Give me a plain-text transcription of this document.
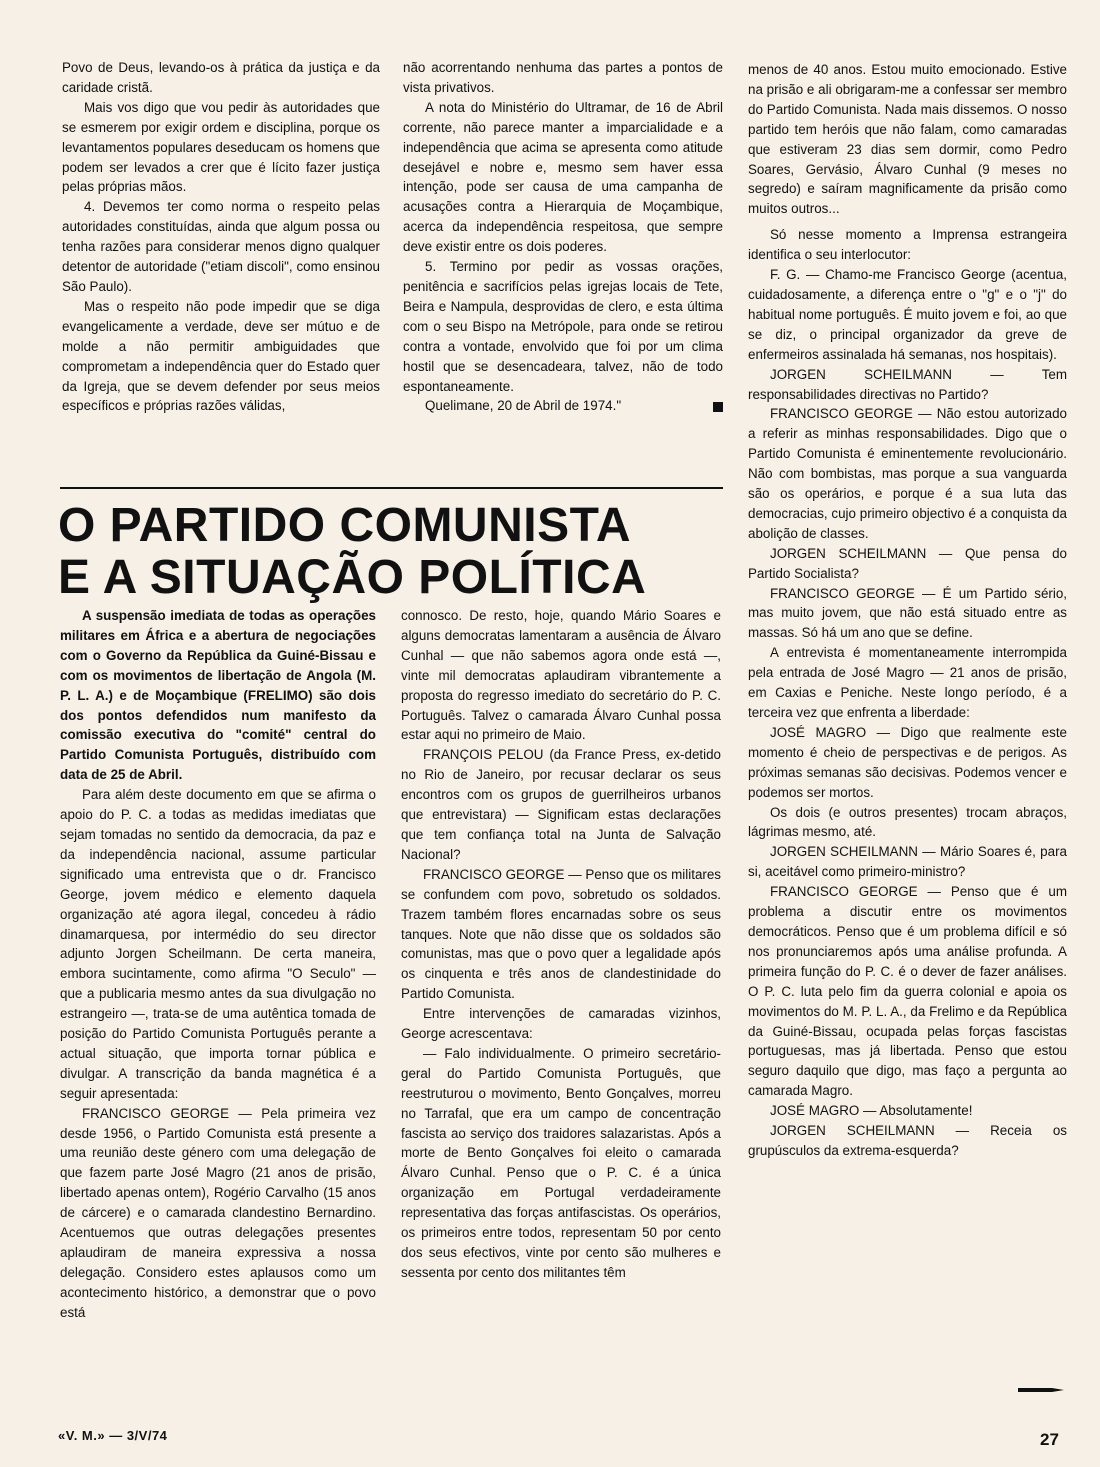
Povo de Deus, levando-os à prática da justiça e da caridade cristã.

Mais vos digo que vou pedir às autoridades que se esmerem por exigir ordem e disciplina, porque os levantamentos populares deseducam os homens que podem ser levados a crer que é lícito fazer justiça pelas próprias mãos.

4. Devemos ter como norma o respeito pelas autoridades constituídas, ainda que algum possa ou tenha razões para considerar menos digno qualquer detentor de autoridade ("etiam discoli", como ensinou São Paulo).

Mas o respeito não pode impedir que se diga evangelicamente a verdade, deve ser mútuo e de molde a não permitir ambiguidades que comprometam a independência quer do Estado quer da Igreja, que se devem defender por seus meios específicos e próprias razões válidas,

não acorrentando nenhuma das partes a pontos de vista privativos.

A nota do Ministério do Ultramar, de 16 de Abril corrente, não parece manter a imparcialidade e a independência que acima se apresenta como atitude desejável e nobre e, mesmo sem haver essa intenção, pode ser causa de uma campanha de acusações contra a Hierarquia de Moçambique, acerca da independência respeitosa, que sempre deve existir entre os dois poderes.

5. Termino por pedir as vossas orações, penitência e sacrifícios pelas igrejas locais de Tete, Beira e Nampula, desprovidas de clero, e esta última com o seu Bispo na Metrópole, para onde se retirou contra a vontade, envolvido que foi por um clima hostil que se desencadeara, talvez, não de todo espontaneamente.

Quelimane, 20 de Abril de 1974."

O PARTIDO COMUNISTA
E A SITUAÇÃO POLÍTICA

menos de 40 anos. Estou muito emocionado. Estive na prisão e ali obrigaram-me a confessar ser membro do Partido Comunista. Nada mais dissemos. O nosso partido tem heróis que não falam, como camaradas que estiveram 23 dias sem dormir, como Pedro Soares, Gervásio, Álvaro Cunhal (9 meses no segredo) e saíram magnificamente da prisão como muitos outros...

Só nesse momento a Imprensa estrangeira identifica o seu interlocutor:

F. G. — Chamo-me Francisco George (acentua, cuidadosamente, a diferença entre o "g" e o "j" do habitual nome português. É muito jovem e foi, ao que se diz, o principal organizador da greve de enfermeiros assinalada há semanas, nos hospitais).

JORGEN SCHEILMANN — Tem responsabilidades directivas no Partido?

FRANCISCO GEORGE — Não estou autorizado a referir as minhas responsabilidades. Digo que o Partido Comunista é eminentemente revolucionário. Não com bombistas, mas porque a sua vanguarda são os operários, e porque é a sua luta das democracias, cujo primeiro objectivo é a conquista da abolição de classes.

JORGEN SCHEILMANN — Que pensa do Partido Socialista?

FRANCISCO GEORGE — É um Partido sério, mas muito jovem, que não está situado entre as massas. Só há um ano que se define.

A entrevista é momentaneamente interrompida pela entrada de José Magro — 21 anos de prisão, em Caxias e Peniche. Neste longo período, é a terceira vez que enfrenta a liberdade:

JOSÉ MAGRO — Digo que realmente este momento é cheio de perspectivas e de perigos. As próximas semanas são decisivas. Podemos vencer e podemos ser mortos.

Os dois (e outros presentes) trocam abraços, lágrimas mesmo, até.

JORGEN SCHEILMANN — Mário Soares é, para si, aceitável como primeiro-ministro?

FRANCISCO GEORGE — Penso que é um problema a discutir entre os movimentos democráticos. Penso que é um problema difícil e só nos pronunciaremos após uma análise profunda. A primeira função do P. C. é o dever de fazer análises. O P. C. luta pelo fim da guerra colonial e apoia os movimentos do M. P. L. A., da Frelimo e da República da Guiné-Bissau, ocupada pelas forças fascistas portuguesas, mas já libertada. Penso que estou seguro daquilo que digo, mas faço a pergunta ao camarada Magro.

JOSÉ MAGRO — Absolutamente!

JORGEN SCHEILMANN — Receia os grupúsculos da extrema-esquerda?

A suspensão imediata de todas as operações militares em África e a abertura de negociações com o Governo da República da Guiné-Bissau e com os movimentos de libertação de Angola (M. P. L. A.) e de Moçambique (FRELIMO) são dois dos pontos defendidos num manifesto da comissão executiva do "comité" central do Partido Comunista Português, distribuído com data de 25 de Abril.

Para além deste documento em que se afirma o apoio do P. C. a todas as medidas imediatas que sejam tomadas no sentido da democracia, da paz e da independência nacional, assume particular significado uma entrevista que o dr. Francisco George, jovem médico e elemento daquela organização até agora ilegal, concedeu à rádio dinamarquesa, por intermédio do seu director adjunto Jorgen Scheilmann. De certa maneira, embora sucintamente, como afirma "O Seculo" — que a publicaria mesmo antes da sua divulgação no estrangeiro —, trata-se de uma autêntica tomada de posição do Partido Comunista Português perante a actual situação, que importa tornar pública e divulgar. A transcrição da banda magnética é a seguir apresentada:

FRANCISCO GEORGE — Pela primeira vez desde 1956, o Partido Comunista está presente a uma reunião deste género com uma delegação de que fazem parte José Magro (21 anos de prisão, libertado apenas ontem), Rogério Carvalho (15 anos de cárcere) e o camarada clandestino Bernardino. Acentuemos que outras delegações presentes aplaudiram de maneira expressiva a nossa delegação. Considero estes aplausos como um acontecimento histórico, a demonstrar que o povo está

connosco. De resto, hoje, quando Mário Soares e alguns democratas lamentaram a ausência de Álvaro Cunhal — que não sabemos agora onde está —, vinte mil democratas aplaudiram vibrantemente a proposta do regresso imediato do secretário do P. C. Português. Talvez o camarada Álvaro Cunhal possa estar aqui no primeiro de Maio.

FRANÇOIS PELOU (da France Press, ex-detido no Rio de Janeiro, por recusar declarar os seus encontros com os grupos de guerrilheiros urbanos que entrevistara) — Significam estas declarações que tem confiança total na Junta de Salvação Nacional?

FRANCISCO GEORGE — Penso que os militares se confundem com povo, sobretudo os soldados. Trazem também flores encarnadas sobre os seus tanques. Note que não disse que os soldados são comunistas, mas que o povo quer a legalidade após os cinquenta e três anos de clandestinidade do Partido Comunista.

Entre intervenções de camaradas vizinhos, George acrescentava:

— Falo individualmente. O primeiro secretário-geral do Partido Comunista Português, que reestruturou o movimento, Bento Gonçalves, morreu no Tarrafal, que era um campo de concentração fascista ao serviço dos traidores salazaristas. Após a morte de Bento Gonçalves foi eleito o camarada Álvaro Cunhal. Penso que o P. C. é a única organização em Portugal verdadeiramente representativa das forças antifascistas. Os operários, os primeiros entre todos, representam 50 por cento dos seus efectivos, vinte por cento são mulheres e sessenta por cento dos militantes têm

«V. M.» — 3/V/74	27
